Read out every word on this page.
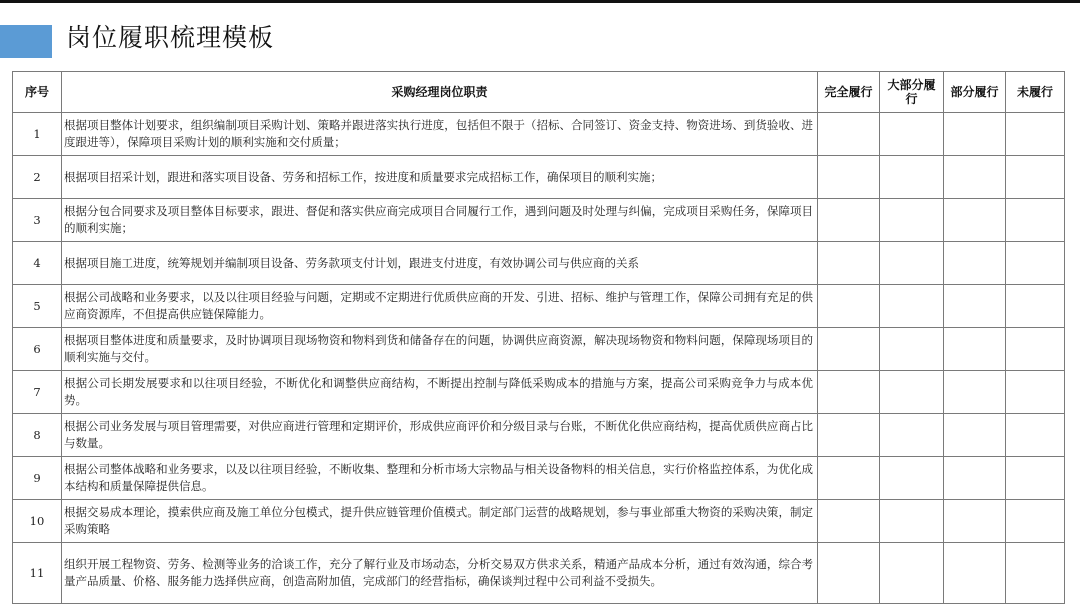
岗位履职梳理模板
序号	采购经理岗位职责	完全履行	大部分履行	部分履行	未履行
1	根据项目整体计划要求，组织编制项目采购计划、策略并跟进落实执行进度，包括但不限于（招标、合同签订、资金支持、物资进场、到货验收、进度跟进等），保障项目采购计划的顺利实施和交付质量；				
2	根据项目招采计划，跟进和落实项目设备、劳务和招标工作，按进度和质量要求完成招标工作，确保项目的顺利实施；				
3	根据分包合同要求及项目整体目标要求，跟进、督促和落实供应商完成项目合同履行工作，遇到问题及时处理与纠偏，完成项目采购任务，保障项目的顺利实施；				
4	根据项目施工进度，统筹规划并编制项目设备、劳务款项支付计划，跟进支付进度，有效协调公司与供应商的关系				
5	根据公司战略和业务要求，以及以往项目经验与问题，定期或不定期进行优质供应商的开发、引进、招标、维护与管理工作，保障公司拥有充足的供应商资源库，不但提高供应链保障能力。				
6	根据项目整体进度和质量要求，及时协调项目现场物资和物料到货和储备存在的问题，协调供应商资源，解决现场物资和物料问题，保障现场项目的顺利实施与交付。				
7	根据公司长期发展要求和以往项目经验，不断优化和调整供应商结构，不断提出控制与降低采购成本的措施与方案，提高公司采购竞争力与成本优势。				
8	根据公司业务发展与项目管理需要，对供应商进行管理和定期评价，形成供应商评价和分级目录与台账，不断优化供应商结构，提高优质供应商占比与数量。				
9	根据公司整体战略和业务要求，以及以往项目经验，不断收集、整理和分析市场大宗物品与相关设备物料的相关信息，实行价格监控体系，为优化成本结构和质量保障提供信息。				
10	根据交易成本理论，摸索供应商及施工单位分包模式，提升供应链管理价值模式。制定部门运营的战略规划，参与事业部重大物资的采购决策，制定采购策略				
11	组织开展工程物资、劳务、检测等业务的洽谈工作，充分了解行业及市场动态，分析交易双方供求关系，精通产品成本分析，通过有效沟通，综合考量产品质量、价格、服务能力选择供应商，创造高附加值，完成部门的经营指标，确保谈判过程中公司利益不受损失。				
